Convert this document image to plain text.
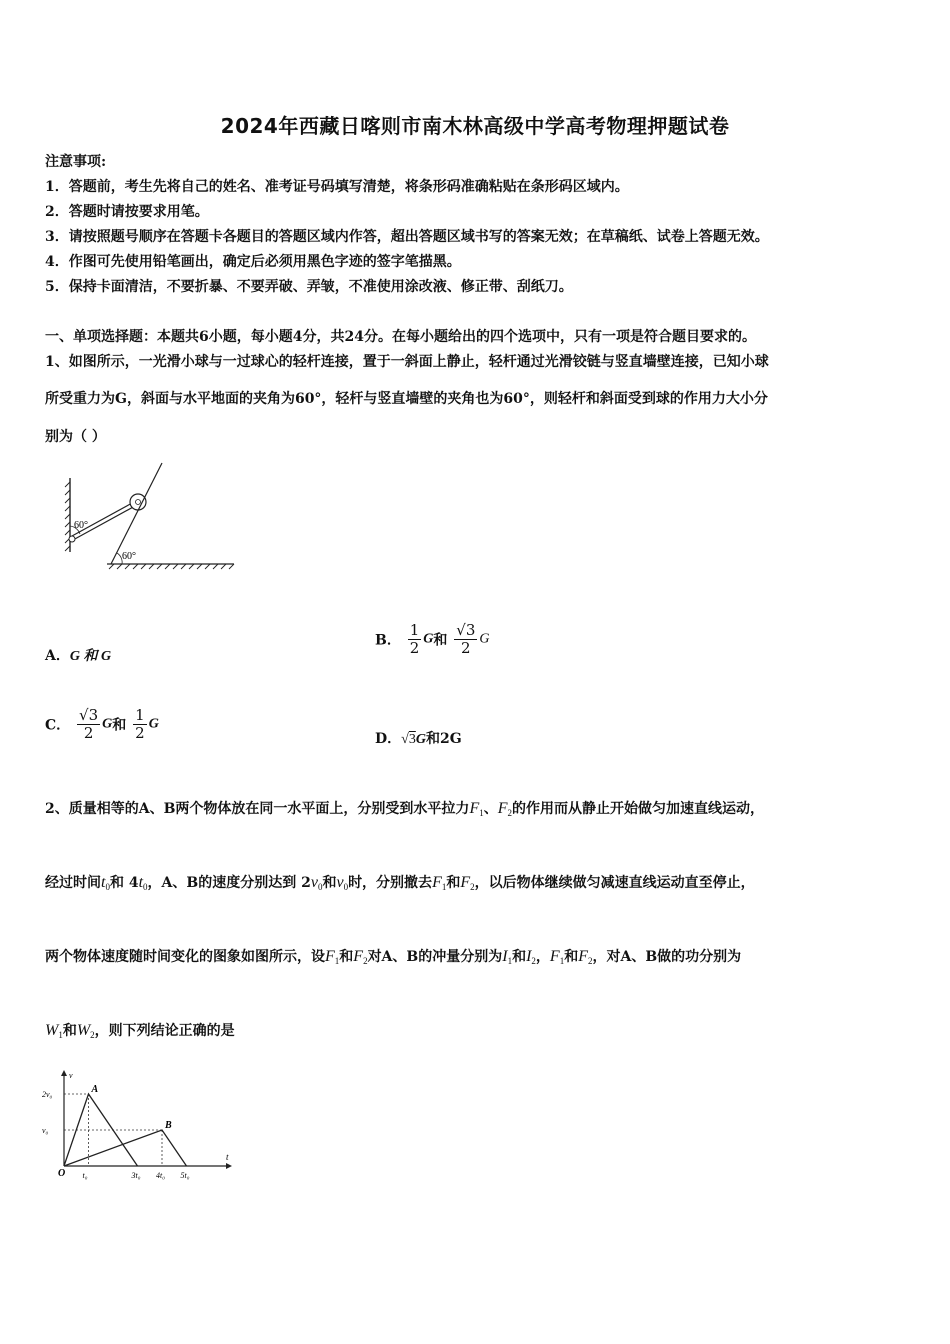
2024年西藏日喀则市南木林高级中学高考物理押题试卷
注意事项:
1．答题前，考生先将自己的姓名、准考证号码填写清楚，将条形码准确粘贴在条形码区域内。
2．答题时请按要求用笔。
3．请按照题号顺序在答题卡各题目的答题区域内作答，超出答题区域书写的答案无效；在草稿纸、试卷上答题无效。
4．作图可先使用铅笔画出，确定后必须用黑色字迹的签字笔描黑。
5．保持卡面清洁，不要折暴、不要弄破、弄皱，不准使用涂改液、修正带、刮纸刀。
一、单项选择题：本题共6小题，每小题4分，共24分。在每小题给出的四个选项中，只有一项是符合题目要求的。
1、如图所示，一光滑小球与一过球心的轻杆连接，置于一斜面上静止，轻杆通过光滑铰链与竖直墙壁连接，已知小球
所受重力为G，斜面与水平地面的夹角为60°，轻杆与竖直墙壁的夹角也为60°，则轻杆和斜面受到球的作用力大小分
别为（ ）
60°
60°
A．G 和 G
B． $\frac{1}{2}$ G和 $\frac{√3}{2}$ G
C． $\frac{√3}{2}$ G和 $\frac{1}{2}$ G
D．√3G和2G
2、质量相等的A、B两个物体放在同一水平面上，分别受到水平拉力$F_1$、$F_2$的作用而从静止开始做匀加速直线运动，
经过时间$t_0$和 $4t_0$，A、B的速度分别达到 $2v_0$和$v_0$时，分别撤去$F_1$和$F_2$，以后物体继续做匀减速直线运动直至停止，
两个物体速度随时间变化的图象如图所示，设$F_1$和$F_2$对A、B的冲量分别为$I_1$和$I_2$，$F_1$和$F_2$，对A、B做的功分别为
$W_1$和$W_2$，则下列结论正确的是
v
t
O
A
B
2v₀
v₀
t₀	3t₀ 4t₀ 5t₀
